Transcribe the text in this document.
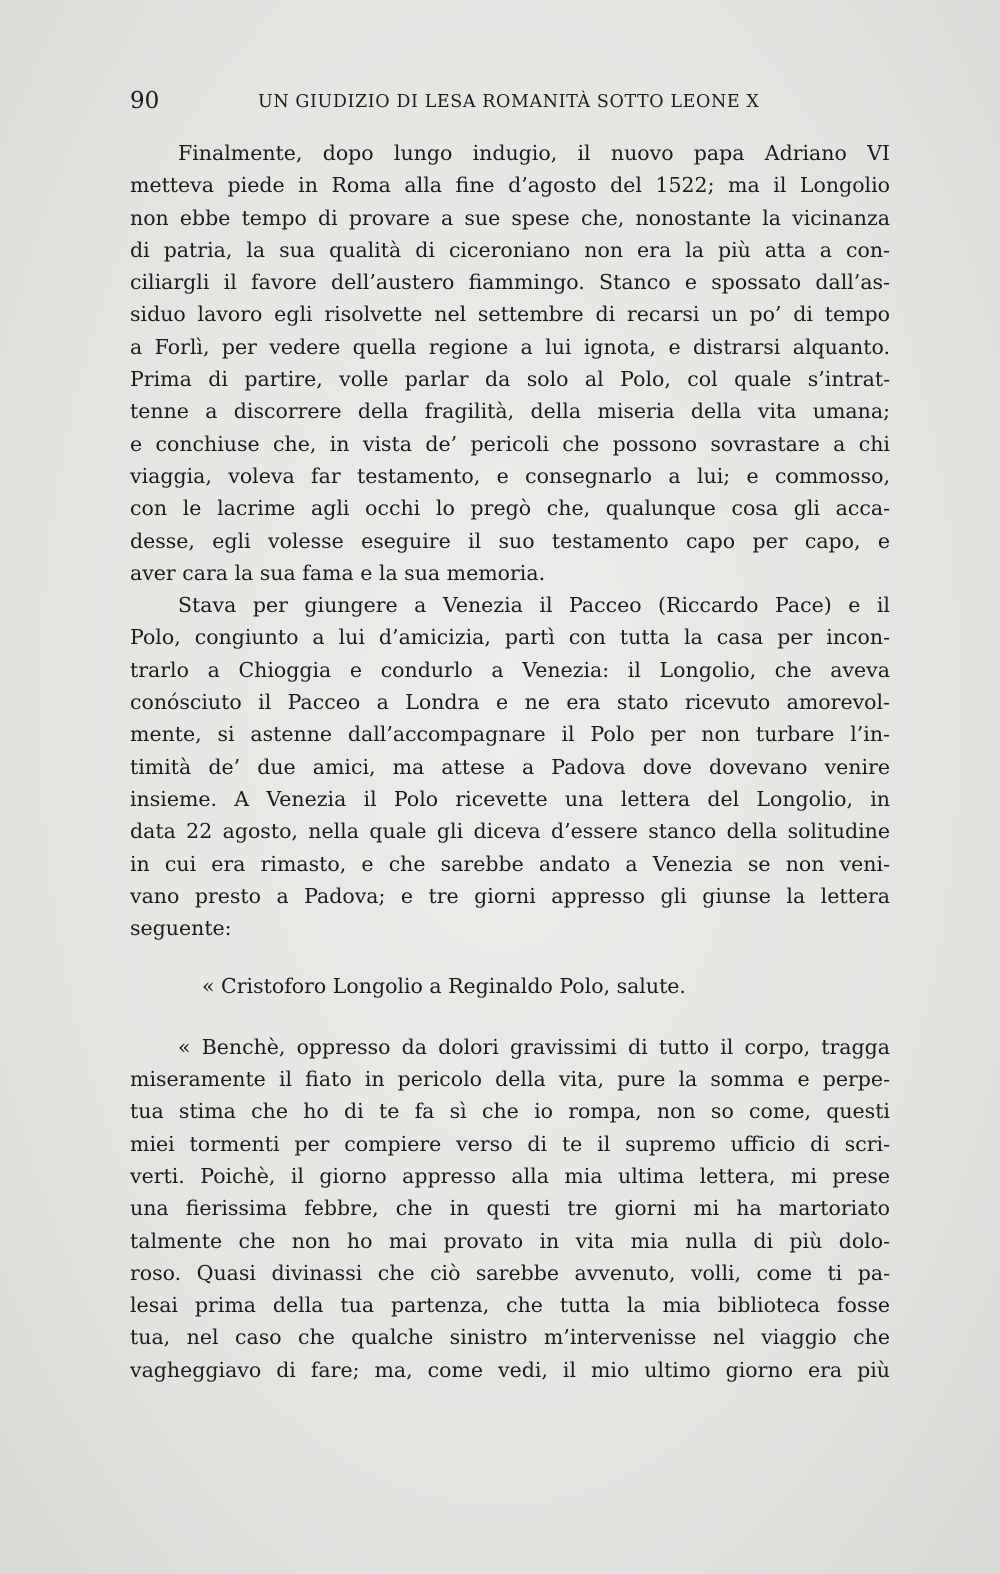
90	UN GIUDIZIO DI LESA ROMANITÀ SOTTO LEONE X
Finalmente, dopo lungo indugio, il nuovo papa Adriano VI
metteva piede in Roma alla fine d’agosto del 1522; ma il Longolio
non ebbe tempo di provare a sue spese che, nonostante la vicinanza
di patria, la sua qualità di ciceroniano non era la più atta a con-
ciliargli il favore dell’austero fiammingo. Stanco e spossato dall’as-
siduo lavoro egli risolvette nel settembre di recarsi un po’ di tempo
a Forlì, per vedere quella regione a lui ignota, e distrarsi alquanto.
Prima di partire, volle parlar da solo al Polo, col quale s’intrat-
tenne a discorrere della fragilità, della miseria della vita umana;
e conchiuse che, in vista de’ pericoli che possono sovrastare a chi
viaggia, voleva far testamento, e consegnarlo a lui; e commosso,
con le lacrime agli occhi lo pregò che, qualunque cosa gli acca-
desse, egli volesse eseguire il suo testamento capo per capo, e
aver cara la sua fama e la sua memoria.
Stava per giungere a Venezia il Pacceo (Riccardo Pace) e il
Polo, congiunto a lui d’amicizia, partì con tutta la casa per incon-
trarlo a Chioggia e condurlo a Venezia: il Longolio, che aveva
conósciuto il Pacceo a Londra e ne era stato ricevuto amorevol-
mente, si astenne dall’accompagnare il Polo per non turbare l’in-
timità de’ due amici, ma attese a Padova dove dovevano venire
insieme. A Venezia il Polo ricevette una lettera del Longolio, in
data 22 agosto, nella quale gli diceva d’essere stanco della solitudine
in cui era rimasto, e che sarebbe andato a Venezia se non veni-
vano presto a Padova; e tre giorni appresso gli giunse la lettera
seguente:
« Cristoforo Longolio a Reginaldo Polo, salute.
« Benchè, oppresso da dolori gravissimi di tutto il corpo, tragga
miseramente il fiato in pericolo della vita, pure la somma e perpe-
tua stima che ho di te fa sì che io rompa, non so come, questi
miei tormenti per compiere verso di te il supremo ufficio di scri-
verti. Poichè, il giorno appresso alla mia ultima lettera, mi prese
una fierissima febbre, che in questi tre giorni mi ha martoriato
talmente che non ho mai provato in vita mia nulla di più dolo-
roso. Quasi divinassi che ciò sarebbe avvenuto, volli, come ti pa-
lesai prima della tua partenza, che tutta la mia biblioteca fosse
tua, nel caso che qualche sinistro m’intervenisse nel viaggio che
vagheggiavo di fare; ma, come vedi, il mio ultimo giorno era più
